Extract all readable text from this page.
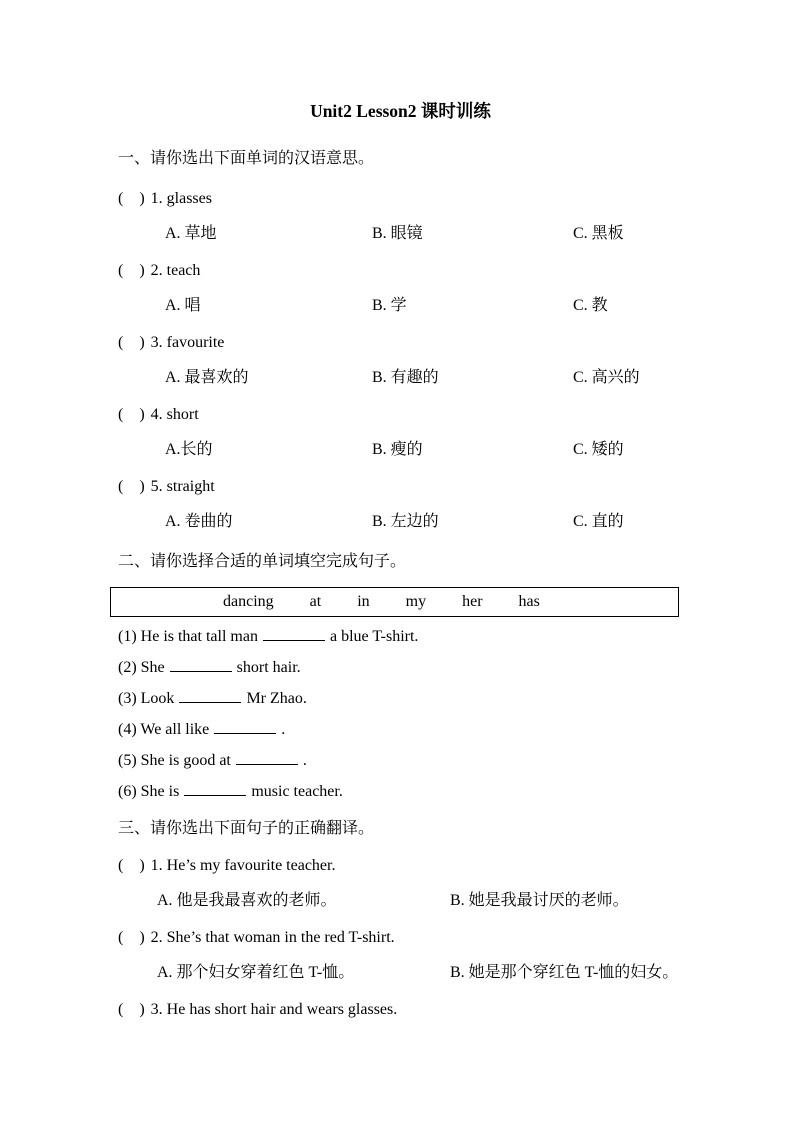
Unit2 Lesson2 课时训练
一、请你选出下面单词的汉语意思。
(    ) 1. glasses
A. 草地	B. 眼镜	C. 黑板
(    ) 2. teach
A. 唱	B. 学	C. 教
(    ) 3. favourite
A. 最喜欢的	B. 有趣的	C. 高兴的
(    ) 4. short
A.长的	B. 瘦的	C. 矮的
(    ) 5. straight
A. 卷曲的	B. 左边的	C. 直的
二、请你选择合适的单词填空完成句子。
dancing at in my her has
(1) He is that tall man	a blue T-shirt.
(2) She	short hair.
(3) Look	Mr Zhao.
(4) We all like	.
(5) She is good at	.
(6) She is	music teacher.
三、请你选出下面句子的正确翻译。
(    ) 1. He’s my favourite teacher.
A. 他是我最喜欢的老师。	B. 她是我最讨厌的老师。
(    ) 2. She’s that woman in the red T-shirt.
A. 那个妇女穿着红色 T-恤。	B. 她是那个穿红色 T-恤的妇女。
(    ) 3. He has short hair and wears glasses.
